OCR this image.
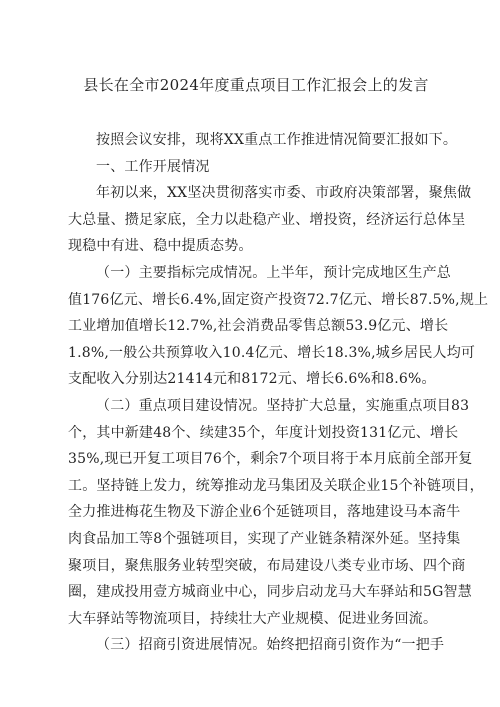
县长在全市2024年度重点项目工作汇报会上的发言
按照会议安排，现将XX重点工作推进情况简要汇报如下。
一、工作开展情况
年初以来，XX坚决贯彻落实市委、市政府决策部署，聚焦做
大总量、攒足家底，全力以赴稳产业、增投资，经济运行总体呈
现稳中有进、稳中提质态势。
（一）主要指标完成情况。上半年，预计完成地区生产总
值176亿元、增长6.4%,固定资产投资72.7亿元、增长87.5%,规上
工业增加值增长12.7%,社会消费品零售总额53.9亿元、增长
1.8%,一般公共预算收入10.4亿元、增长18.3%,城乡居民人均可
支配收入分别达21414元和8172元、增长6.6%和8.6%。
（二）重点项目建设情况。坚持扩大总量，实施重点项目83
个，其中新建48个、续建35个，年度计划投资131亿元、增长
35%,现已开复工项目76个，剩余7个项目将于本月底前全部开复
工。坚持链上发力，统筹推动龙马集团及关联企业15个补链项目，
全力推进梅花生物及下游企业6个延链项目，落地建设马本斋牛
肉食品加工等8个强链项目，实现了产业链条精深外延。坚持集
聚项目，聚焦服务业转型突破，布局建设八类专业市场、四个商
圈，建成投用壹方城商业中心，同步启动龙马大车驿站和5G智慧
大车驿站等物流项目，持续壮大产业规模、促进业务回流。
（三）招商引资进展情况。始终把招商引资作为“一把手
